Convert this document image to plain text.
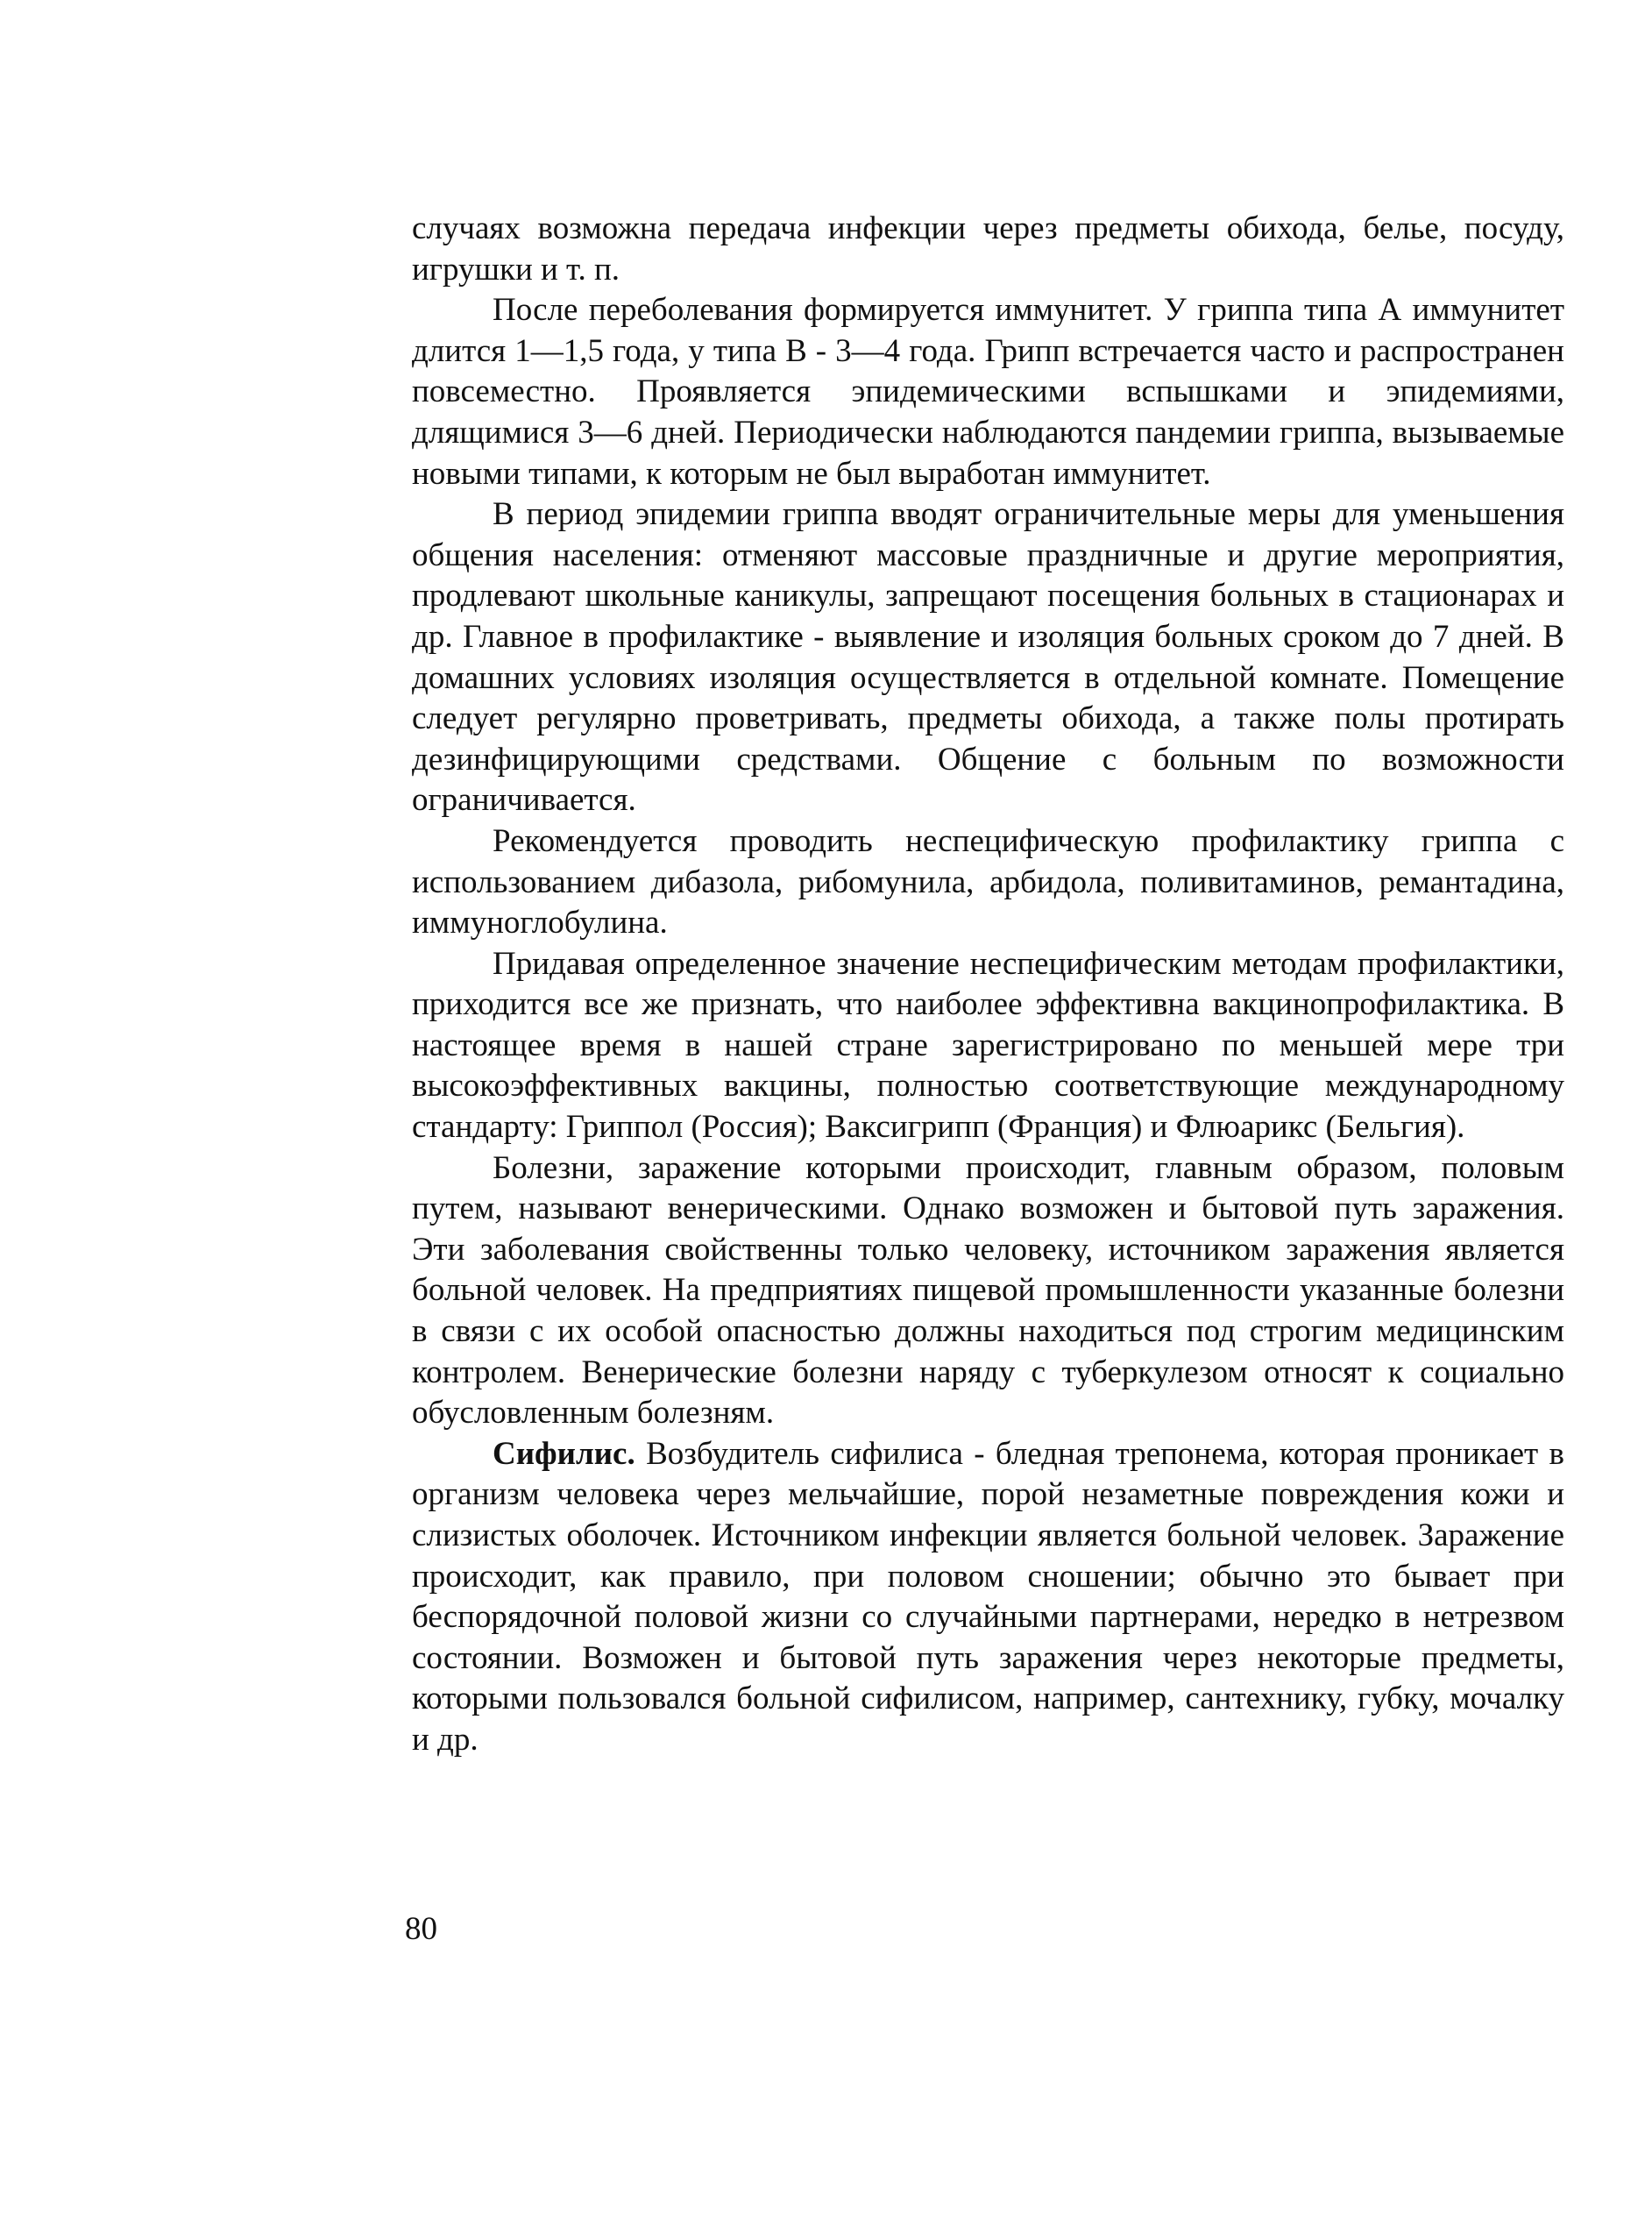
случаях возможна передача инфекции через предметы обихода, белье, посуду, игрушки и т. п.

После переболевания формируется иммунитет. У гриппа типа А иммунитет длится 1—1,5 года, у типа В - 3—4 года. Грипп встречается часто и распространен повсеместно. Проявляется эпидемическими вспышками и эпидемиями, длящимися 3—6 дней. Периодически наблюдаются пандемии гриппа, вызываемые новыми типами, к которым не был выработан иммунитет.

В период эпидемии гриппа вводят ограничительные меры для уменьшения общения населения: отменяют массовые праздничные и другие мероприятия, продлевают школьные каникулы, запрещают посещения больных в стационарах и др. Главное в профилактике - выявление и изоляция больных сроком до 7 дней. В домашних условиях изоляция осуществляется в отдельной комнате. Помещение следует регулярно проветривать, предметы обихода, а также полы протирать дезинфицирующими средствами. Общение с больным по возможности ограничивается.

Рекомендуется проводить неспецифическую профилактику гриппа с использованием дибазола, рибомунила, арбидола, поливитаминов, ремантадина, иммуноглобулина.

Придавая определенное значение неспецифическим методам профилактики, приходится все же признать, что наиболее эффективна вакцинопрофилактика. В настоящее время в нашей стране зарегистрировано по меньшей мере три высокоэффективных вакцины, полностью соответствующие международному стандарту: Гриппол (Россия); Ваксигрипп (Франция) и Флюарикс (Бельгия).

Болезни, заражение которыми происходит, главным образом, половым путем, называют венерическими. Однако возможен и бытовой путь заражения. Эти заболевания свойственны только человеку, источником заражения является больной человек. На предприятиях пищевой промышленности указанные болезни в связи с их особой опасностью должны находиться под строгим медицинским контролем. Венерические болезни наряду с туберкулезом относят к социально обусловленным болезням.

Сифилис. Возбудитель сифилиса - бледная трепонема, которая проникает в организм человека через мельчайшие, порой незаметные повреждения кожи и слизистых оболочек. Источником инфекции является больной человек. Заражение происходит, как правило, при половом сношении; обычно это бывает при беспорядочной половой жизни со случайными партнерами, нередко в нетрезвом состоянии. Возможен и бытовой путь заражения через некоторые предметы, которыми пользовался больной сифилисом, например, сантехнику, губку, мочалку и др.

80
